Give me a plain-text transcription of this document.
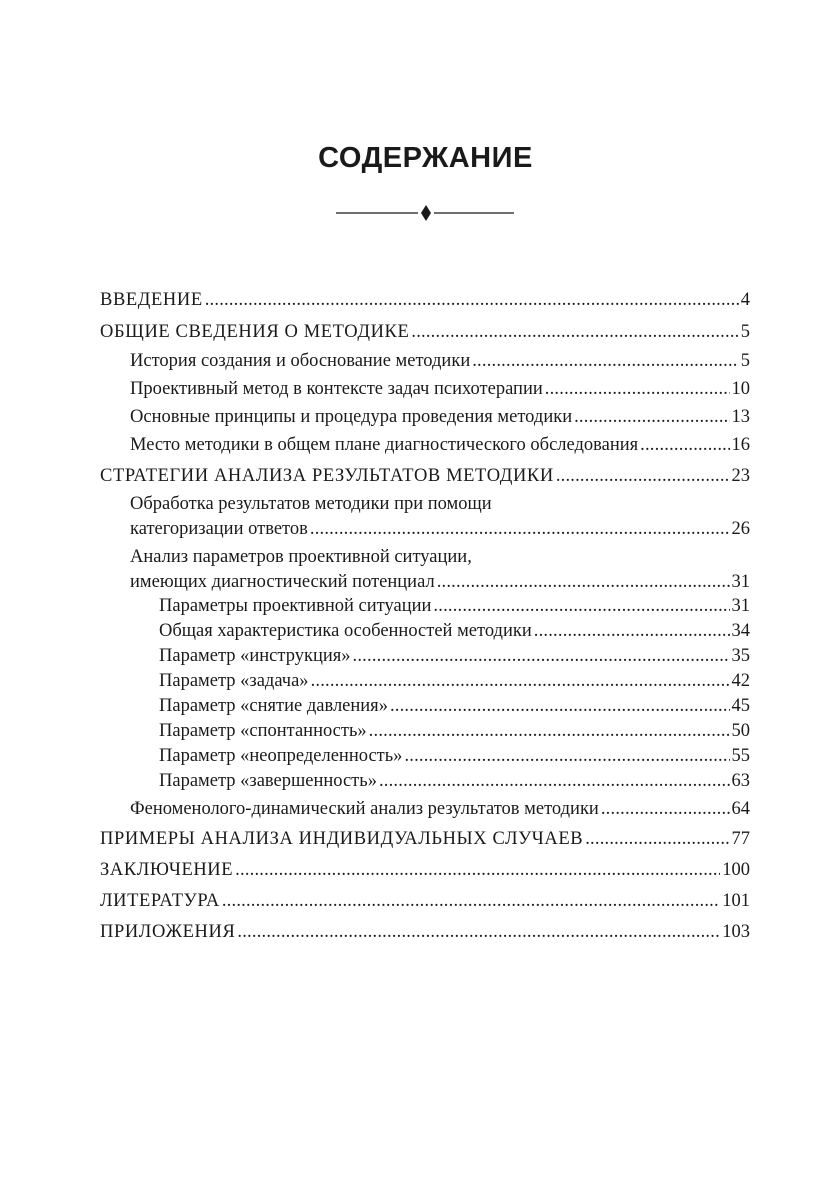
СОДЕРЖАНИЕ
ВВЕДЕНИЕ .....	4
ОБЩИЕ СВЕДЕНИЯ О МЕТОДИКЕ .....	5
История создания и обоснование методики .....	5
Проективный метод в контексте задач психотерапии .....	10
Основные принципы и процедура проведения методики .....	13
Место методики в общем плане диагностического обследования .....	16
СТРАТЕГИИ АНАЛИЗА РЕЗУЛЬТАТОВ МЕТОДИКИ .....	23
Обработка результатов методики при помощи
категоризации ответов .....	26
Анализ параметров проективной ситуации,
имеющих диагностический потенциал .....	31
Параметры проективной ситуации .....	31
Общая характеристика особенностей методики .....	34
Параметр «инструкция» .....	35
Параметр «задача» .....	42
Параметр «снятие давления» .....	45
Параметр «спонтанность» .....	50
Параметр «неопределенность» .....	55
Параметр «завершенность» .....	63
Феноменолого-динамический анализ результатов методики .....	64
ПРИМЕРЫ АНАЛИЗА ИНДИВИДУАЛЬНЫХ СЛУЧАЕВ .....	77
ЗАКЛЮЧЕНИЕ .....	100
ЛИТЕРАТУРА .....	101
ПРИЛОЖЕНИЯ .....	103
